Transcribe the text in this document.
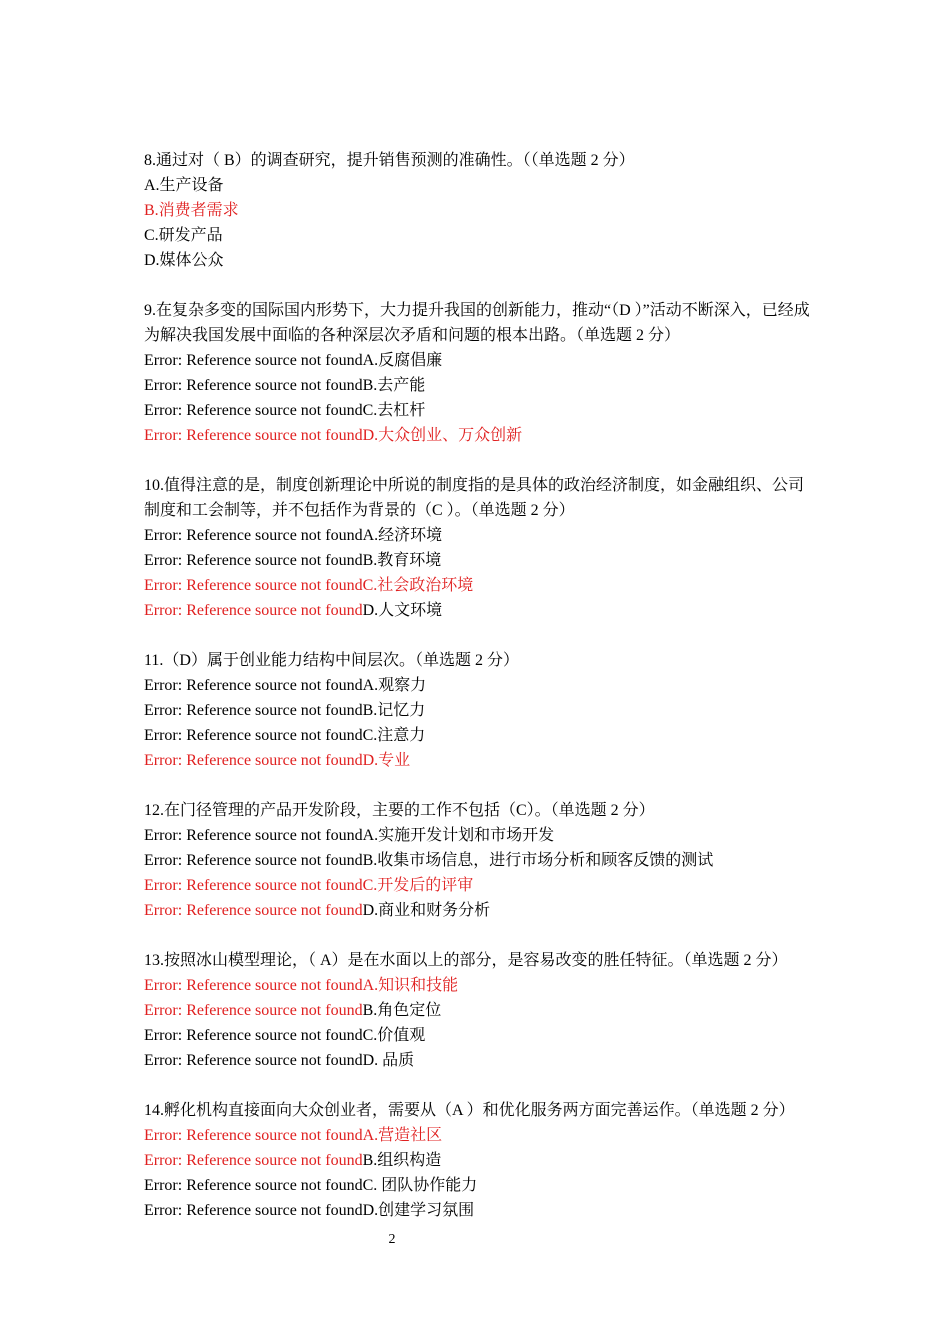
8.通过对（ B）的调查研究，提升销售预测的准确性。（（单选题 2 分）
A.生产设备
B.消费者需求
C.研发产品
D.媒体公众
9.在复杂多变的国际国内形势下，大力提升我国的创新能力，推动“（D ）”活动不断深入，已经成为解决我国发展中面临的各种深层次矛盾和问题的根本出路。（单选题 2 分）
Error: Reference source not foundA.反腐倡廉
Error: Reference source not foundB.去产能
Error: Reference source not foundC.去杠杆
Error: Reference source not foundD.大众创业、万众创新
10.值得注意的是，制度创新理论中所说的制度指的是具体的政治经济制度，如金融组织、公司制度和工会制等，并不包括作为背景的（C ）。（单选题 2 分）
Error: Reference source not foundA.经济环境
Error: Reference source not foundB.教育环境
Error: Reference source not foundC.社会政治环境
Error: Reference source not foundD.人文环境
11.（D）属于创业能力结构中间层次。（单选题 2 分）
Error: Reference source not foundA.观察力
Error: Reference source not foundB.记忆力
Error: Reference source not foundC.注意力
Error: Reference source not foundD.专业
12.在门径管理的产品开发阶段，主要的工作不包括（C）。（单选题 2 分）
Error: Reference source not foundA.实施开发计划和市场开发
Error: Reference source not foundB.收集市场信息，进行市场分析和顾客反馈的测试
Error: Reference source not foundC.开发后的评审
Error: Reference source not foundD.商业和财务分析
13.按照冰山模型理论，（ A）是在水面以上的部分，是容易改变的胜任特征。（单选题 2 分）
Error: Reference source not foundA.知识和技能
Error: Reference source not foundB.角色定位
Error: Reference source not foundC.价值观
Error: Reference source not foundD. 品质
14.孵化机构直接面向大众创业者，需要从（A ）和优化服务两方面完善运作。（单选题 2 分）
Error: Reference source not foundA.营造社区
Error: Reference source not foundB.组织构造
Error: Reference source not foundC. 团队协作能力
Error: Reference source not foundD.创建学习氛围
2
